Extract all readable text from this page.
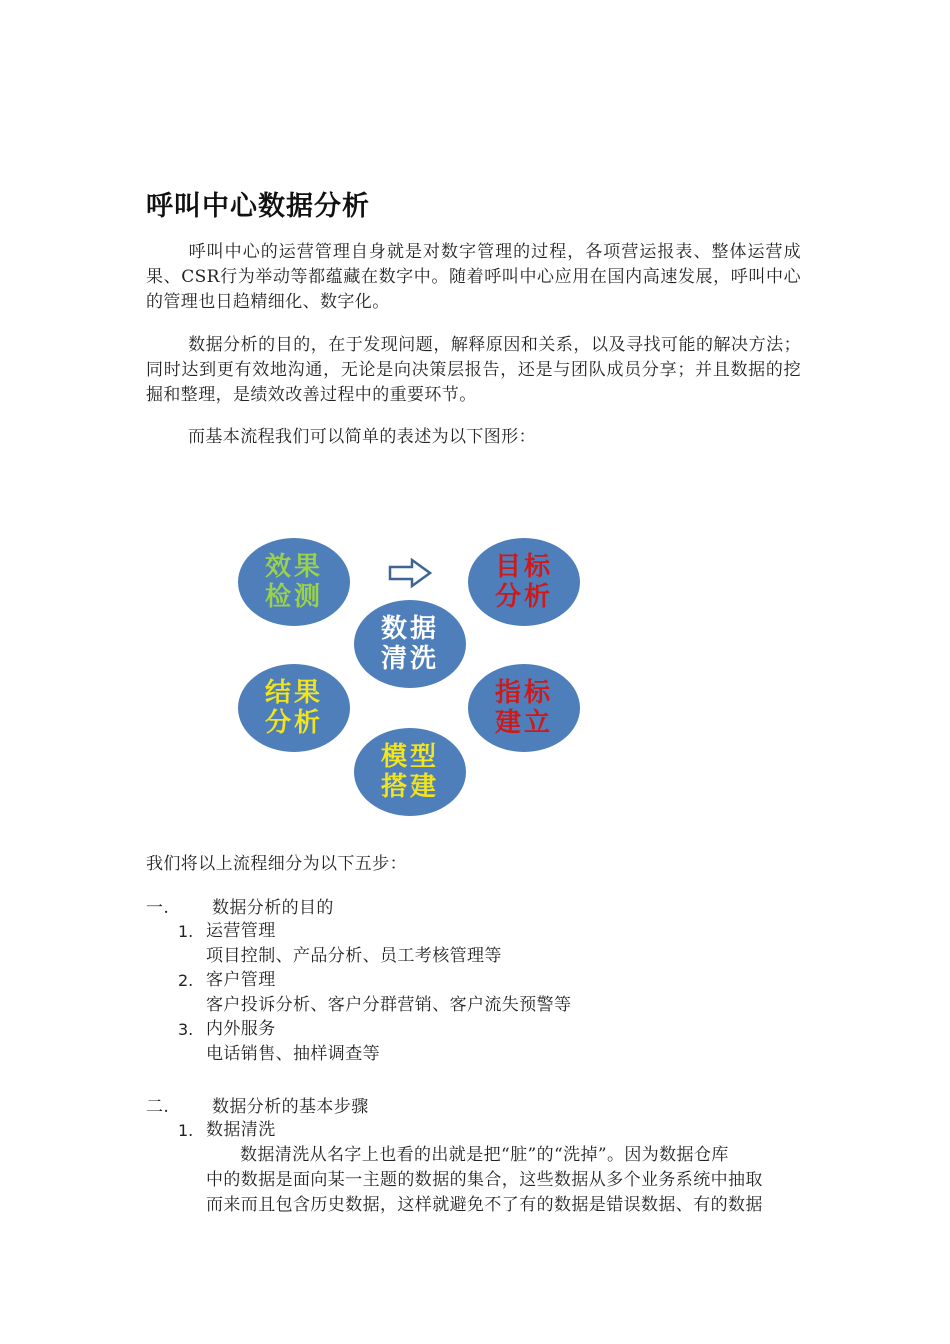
呼叫中心数据分析
呼叫中心的运营管理自身就是对数字管理的过程，各项营运报表、整体运营成果、CSR行为举动等都蕴藏在数字中。随着呼叫中心应用在国内高速发展，呼叫中心的管理也日趋精细化、数字化。
数据分析的目的，在于发现问题，解释原因和关系，以及寻找可能的解决方法；同时达到更有效地沟通，无论是向决策层报告，还是与团队成员分享；并且数据的挖掘和整理，是绩效改善过程中的重要环节。
而基本流程我们可以简单的表述为以下图形：
效果
检测
目标
分析
数据
清洗
结果
分析
指标
建立
模型
搭建
我们将以上流程细分为以下五步：
一.	数据分析的目的
1. 运营管理
项目控制、产品分析、员工考核管理等
2. 客户管理
客户投诉分析、客户分群营销、客户流失预警等
3. 内外服务
电话销售、抽样调查等
二.	数据分析的基本步骤
1. 数据清洗
数据清洗从名字上也看的出就是把“脏”的“洗掉”。因为数据仓库
中的数据是面向某一主题的数据的集合，这些数据从多个业务系统中抽取
而来而且包含历史数据，这样就避免不了有的数据是错误数据、有的数据
